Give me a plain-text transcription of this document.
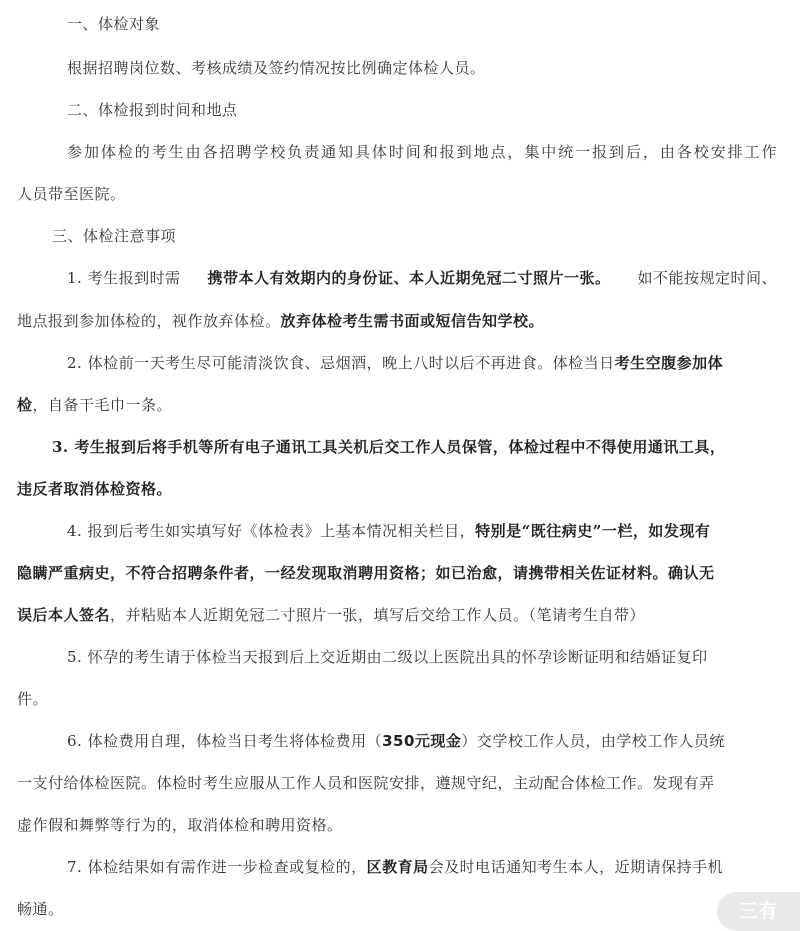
一、体检对象
根据招聘岗位数、考核成绩及签约情况按比例确定体检人员。
二、体检报到时间和地点
参加体检的考生由各招聘学校负责通知具体时间和报到地点，集中统一报到后，由各校安排工作
人员带至医院。
三、体检注意事项
1. 考生报到时需 携带本人有效期内的身份证、本人近期免冠二寸照片一张。 如不能按规定时间、
地点报到参加体检的，视作放弃体检。放弃体检考生需书面或短信告知学校。
2. 体检前一天考生尽可能清淡饮食、忌烟酒，晚上八时以后不再进食。体检当日考生空腹参加体
检，自备干毛巾一条。
3. 考生报到后将手机等所有电子通讯工具关机后交工作人员保管，体检过程中不得使用通讯工具，
违反者取消体检资格。
4. 报到后考生如实填写好《体检表》上基本情况相关栏目，特别是“既往病史”一栏，如发现有
隐瞒严重病史，不符合招聘条件者，一经发现取消聘用资格；如已治愈，请携带相关佐证材料。确认无
误后本人签名，并粘贴本人近期免冠二寸照片一张，填写后交给工作人员。（笔请考生自带）
5. 怀孕的考生请于体检当天报到后上交近期由二级以上医院出具的怀孕诊断证明和结婚证复印
件。
6. 体检费用自理，体检当日考生将体检费用（350元现金）交学校工作人员，由学校工作人员统
一支付给体检医院。体检时考生应服从工作人员和医院安排，遵规守纪，主动配合体检工作。发现有弄
虚作假和舞弊等行为的，取消体检和聘用资格。
7. 体检结果如有需作进一步检查或复检的，区教育局会及时电话通知考生本人，近期请保持手机
畅通。	三有
